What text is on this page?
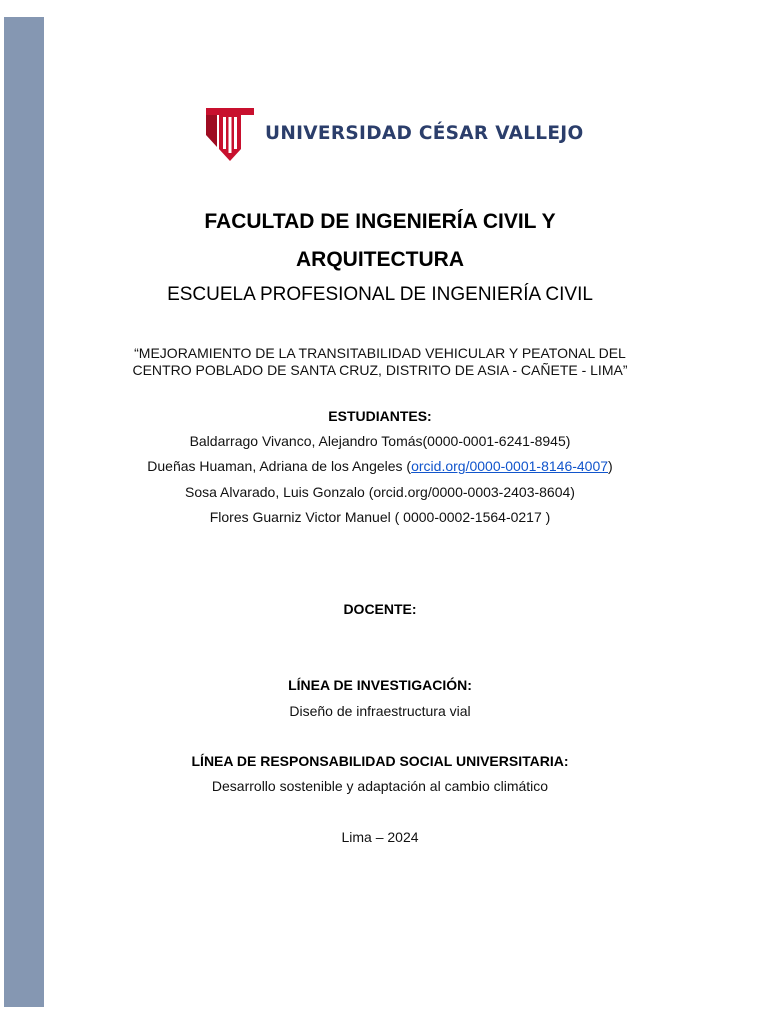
UNIVERSIDAD CÉSAR VALLEJO
FACULTAD DE INGENIERÍA CIVIL Y
ARQUITECTURA
ESCUELA PROFESIONAL DE INGENIERÍA CIVIL
“MEJORAMIENTO DE LA TRANSITABILIDAD VEHICULAR Y PEATONAL DEL
CENTRO POBLADO DE SANTA CRUZ, DISTRITO DE ASIA - CAÑETE - LIMA”
ESTUDIANTES:
Baldarrago Vivanco, Alejandro Tomás(0000-0001-6241-8945)
Dueñas Huaman, Adriana de los Angeles (orcid.org/0000-0001-8146-4007)
Sosa Alvarado, Luis Gonzalo (orcid.org/0000-0003-2403-8604)
Flores Guarniz Victor Manuel ( 0000-0002-1564-0217 )
DOCENTE:
LÍNEA DE INVESTIGACIÓN:
Diseño de infraestructura vial
LÍNEA DE RESPONSABILIDAD SOCIAL UNIVERSITARIA:
Desarrollo sostenible y adaptación al cambio climático
Lima – 2024
